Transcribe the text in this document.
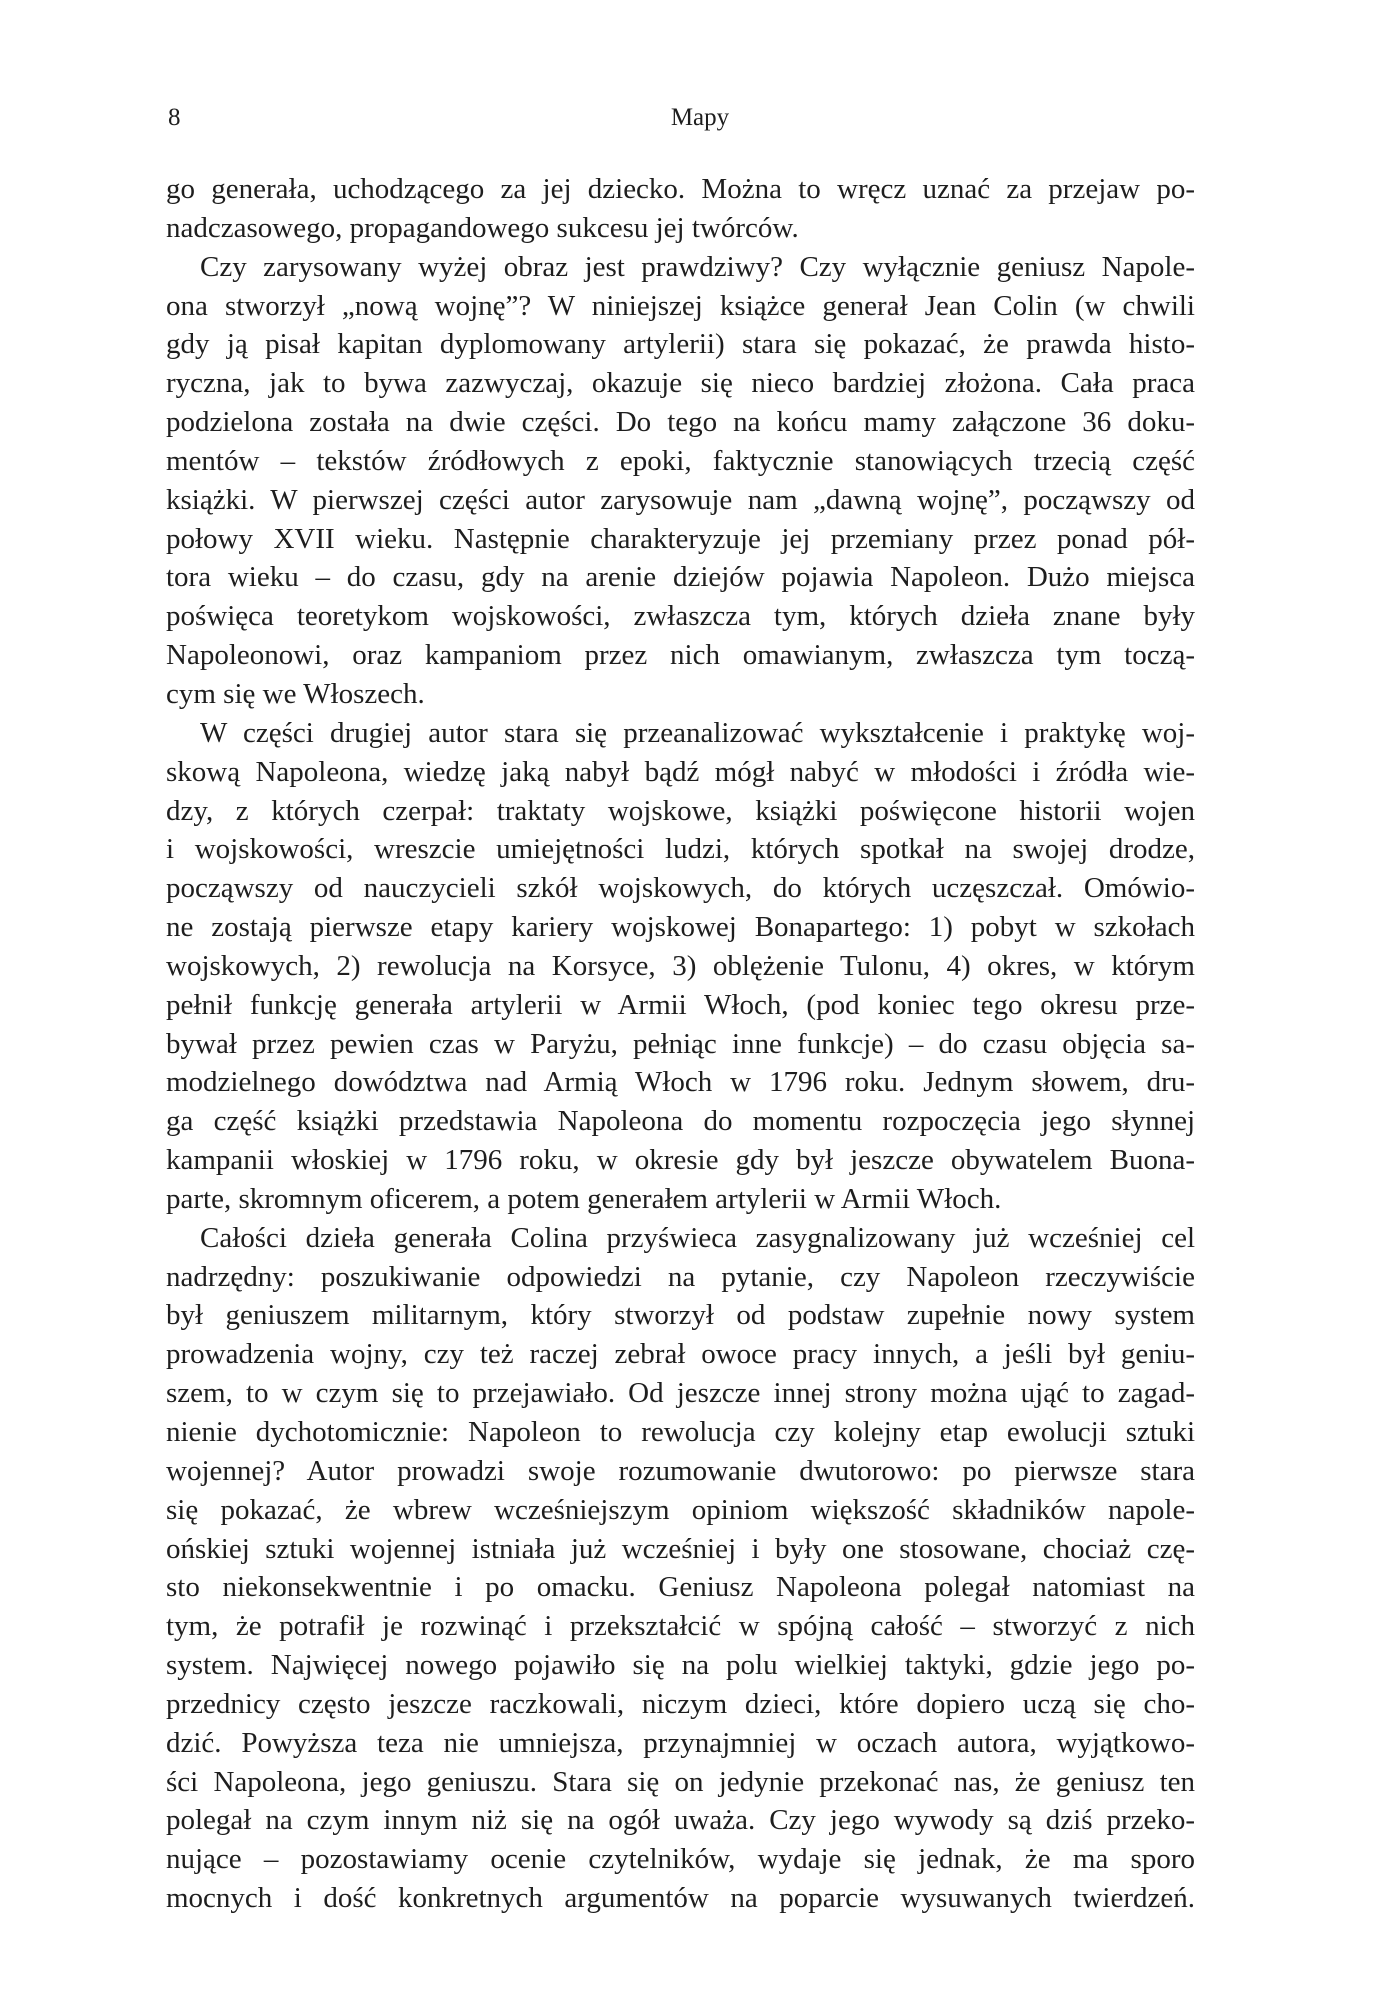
8	Mapy
go generała, uchodzącego za jej dziecko. Można to wręcz uznać za przejaw po-
nadczasowego, propagandowego sukcesu jej twórców.
Czy zarysowany wyżej obraz jest prawdziwy? Czy wyłącznie geniusz Napole-
ona stworzył „nową wojnę”? W niniejszej książce generał Jean Colin (w chwili
gdy ją pisał kapitan dyplomowany artylerii) stara się pokazać, że prawda histo-
ryczna, jak to bywa zazwyczaj, okazuje się nieco bardziej złożona. Cała praca
podzielona została na dwie części. Do tego na końcu mamy załączone 36 doku-
mentów – tekstów źródłowych z epoki, faktycznie stanowiących trzecią część
książki. W pierwszej części autor zarysowuje nam „dawną wojnę”, począwszy od
połowy XVII wieku. Następnie charakteryzuje jej przemiany przez ponad pół-
tora wieku – do czasu, gdy na arenie dziejów pojawia Napoleon. Dużo miejsca
poświęca teoretykom wojskowości, zwłaszcza tym, których dzieła znane były
Napoleonowi, oraz kampaniom przez nich omawianym, zwłaszcza tym toczą-
cym się we Włoszech.
W części drugiej autor stara się przeanalizować wykształcenie i praktykę woj-
skową Napoleona, wiedzę jaką nabył bądź mógł nabyć w młodości i źródła wie-
dzy, z których czerpał: traktaty wojskowe, książki poświęcone historii wojen
i wojskowości, wreszcie umiejętności ludzi, których spotkał na swojej drodze,
począwszy od nauczycieli szkół wojskowych, do których uczęszczał. Omówio-
ne zostają pierwsze etapy kariery wojskowej Bonapartego: 1) pobyt w szkołach
wojskowych, 2) rewolucja na Korsyce, 3) oblężenie Tulonu, 4) okres, w którym
pełnił funkcję generała artylerii w Armii Włoch, (pod koniec tego okresu prze-
bywał przez pewien czas w Paryżu, pełniąc inne funkcje) – do czasu objęcia sa-
modzielnego dowództwa nad Armią Włoch w 1796 roku. Jednym słowem, dru-
ga część książki przedstawia Napoleona do momentu rozpoczęcia jego słynnej
kampanii włoskiej w 1796 roku, w okresie gdy był jeszcze obywatelem Buona-
parte, skromnym oficerem, a potem generałem artylerii w Armii Włoch.
Całości dzieła generała Colina przyświeca zasygnalizowany już wcześniej cel
nadrzędny: poszukiwanie odpowiedzi na pytanie, czy Napoleon rzeczywiście
był geniuszem militarnym, który stworzył od podstaw zupełnie nowy system
prowadzenia wojny, czy też raczej zebrał owoce pracy innych, a jeśli był geniu-
szem, to w czym się to przejawiało. Od jeszcze innej strony można ująć to zagad-
nienie dychotomicznie: Napoleon to rewolucja czy kolejny etap ewolucji sztuki
wojennej? Autor prowadzi swoje rozumowanie dwutorowo: po pierwsze stara
się pokazać, że wbrew wcześniejszym opiniom większość składników napole-
ońskiej sztuki wojennej istniała już wcześniej i były one stosowane, chociaż czę-
sto niekonsekwentnie i po omacku. Geniusz Napoleona polegał natomiast na
tym, że potrafił je rozwinąć i przekształcić w spójną całość – stworzyć z nich
system. Najwięcej nowego pojawiło się na polu wielkiej taktyki, gdzie jego po-
przednicy często jeszcze raczkowali, niczym dzieci, które dopiero uczą się cho-
dzić. Powyższa teza nie umniejsza, przynajmniej w oczach autora, wyjątkowo-
ści Napoleona, jego geniuszu. Stara się on jedynie przekonać nas, że geniusz ten
polegał na czym innym niż się na ogół uważa. Czy jego wywody są dziś przeko-
nujące – pozostawiamy ocenie czytelników, wydaje się jednak, że ma sporo
mocnych i dość konkretnych argumentów na poparcie wysuwanych twierdzeń.
